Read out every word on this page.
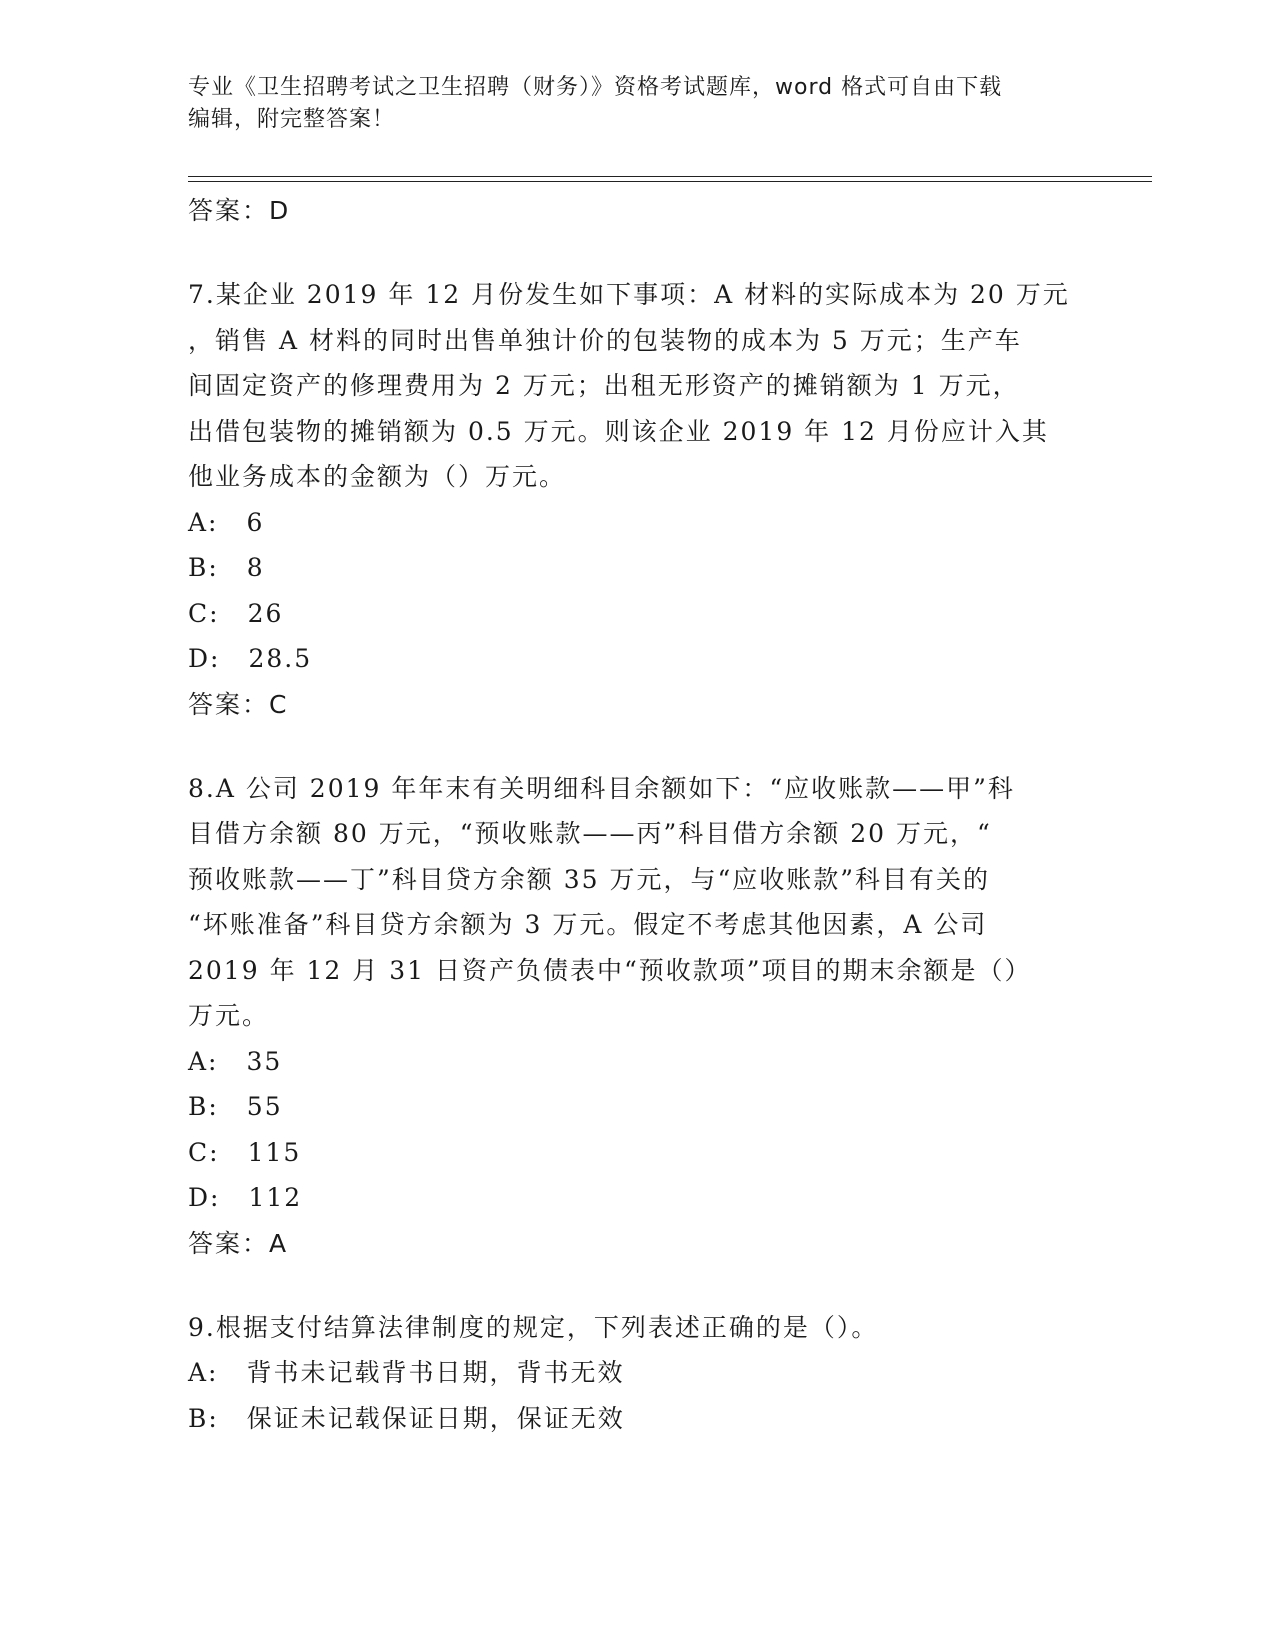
专业《卫生招聘考试之卫生招聘（财务）》资格考试题库，word 格式可自由下载
编辑，附完整答案！
答案：D
7.某企业 2019 年 12 月份发生如下事项：A 材料的实际成本为 20 万元
，销售 A 材料的同时出售单独计价的包装物的成本为 5 万元；生产车
间固定资产的修理费用为 2 万元；出租无形资产的摊销额为 1 万元，
出借包装物的摊销额为 0.5 万元。则该企业 2019 年 12 月份应计入其
他业务成本的金额为（）万元。
A: 6
B: 8
C: 26
D: 28.5
答案：C
8.A 公司 2019 年年末有关明细科目余额如下：“应收账款——甲”科
目借方余额 80 万元，“预收账款——丙”科目借方余额 20 万元，“
预收账款——丁”科目贷方余额 35 万元，与“应收账款”科目有关的
“坏账准备”科目贷方余额为 3 万元。假定不考虑其他因素，A 公司
2019 年 12 月 31 日资产负债表中“预收款项”项目的期末余额是（）
万元。
A: 35
B: 55
C: 115
D: 112
答案：A
9.根据支付结算法律制度的规定，下列表述正确的是（）。
A: 背书未记载背书日期，背书无效
B: 保证未记载保证日期，保证无效
